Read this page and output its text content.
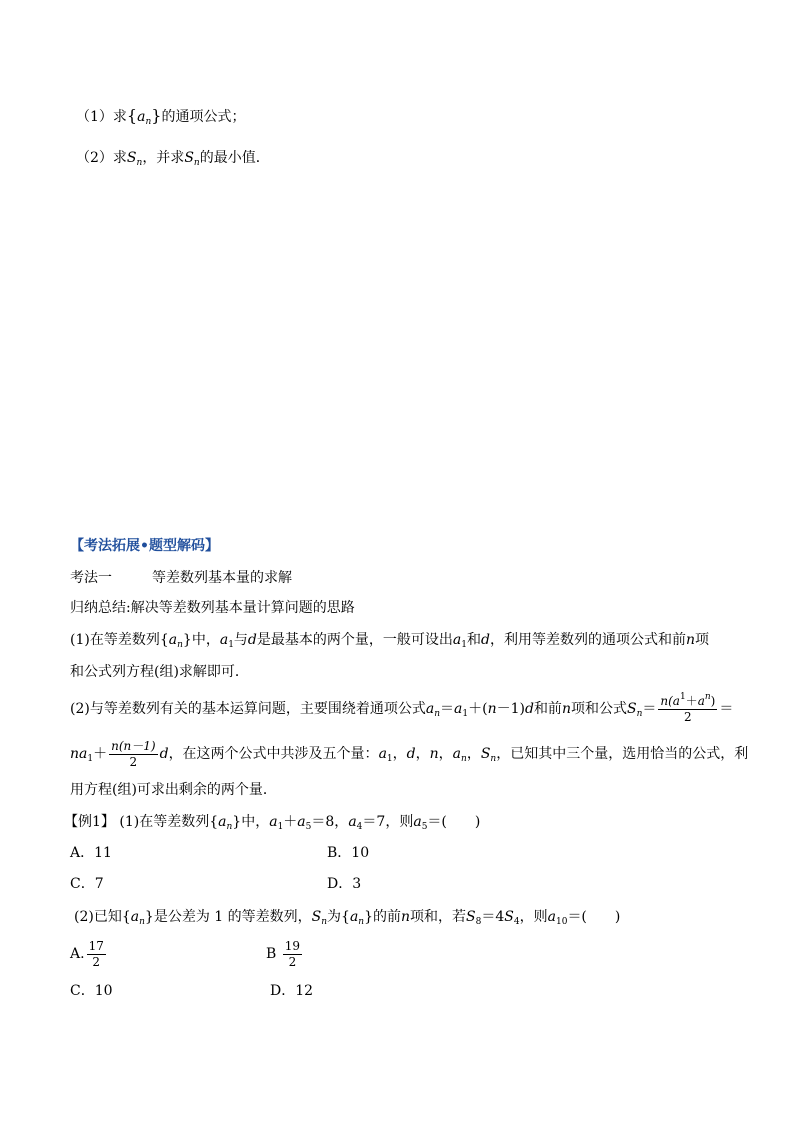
（1）求$\{a_n\}$的通项公式；
（2）求$S_n$，并求$S_n$的最小值．
【考法拓展•题型解码】
考法一	等差数列基本量的求解
归纳总结:解决等差数列基本量计算问题的思路
(1)在等差数列$\{a_n\}$中，$a_1$与d是最基本的两个量，一般可设出$a_1$和d，利用等差数列的通项公式和前n项
和公式列方程(组)求解即可．
(2)与等差数列有关的基本运算问题，主要围绕着通项公式$a_n=a_1+(n-1)d$和前n项和公式$S_n= \frac{n(a^1+a^n)}{2}$ ＝
$na_1+ \frac{n(n-1)}{2}$ d，在这两个公式中共涉及五个量：$a_1$，d，n，$a_n$，$S_n$，已知其中三个量，选用恰当的公式，利
用方程(组)可求出剩余的两个量．
【例1】 (1)在等差数列$\{a_n\}$中，$a_1+a_5=8$，$a_4=7$，则$a_5=$(　　)
A．11	B．10
C．7	D．3
(2)已知$\{a_n\}$是公差为 1 的等差数列，$S_n$为$\{a_n\}$的前n项和，若$S_8=4S_4$，则$a_{10}=$(　　)
A. $\frac{17}{2}$	B $\frac{19}{2}$
C．10	D．12
